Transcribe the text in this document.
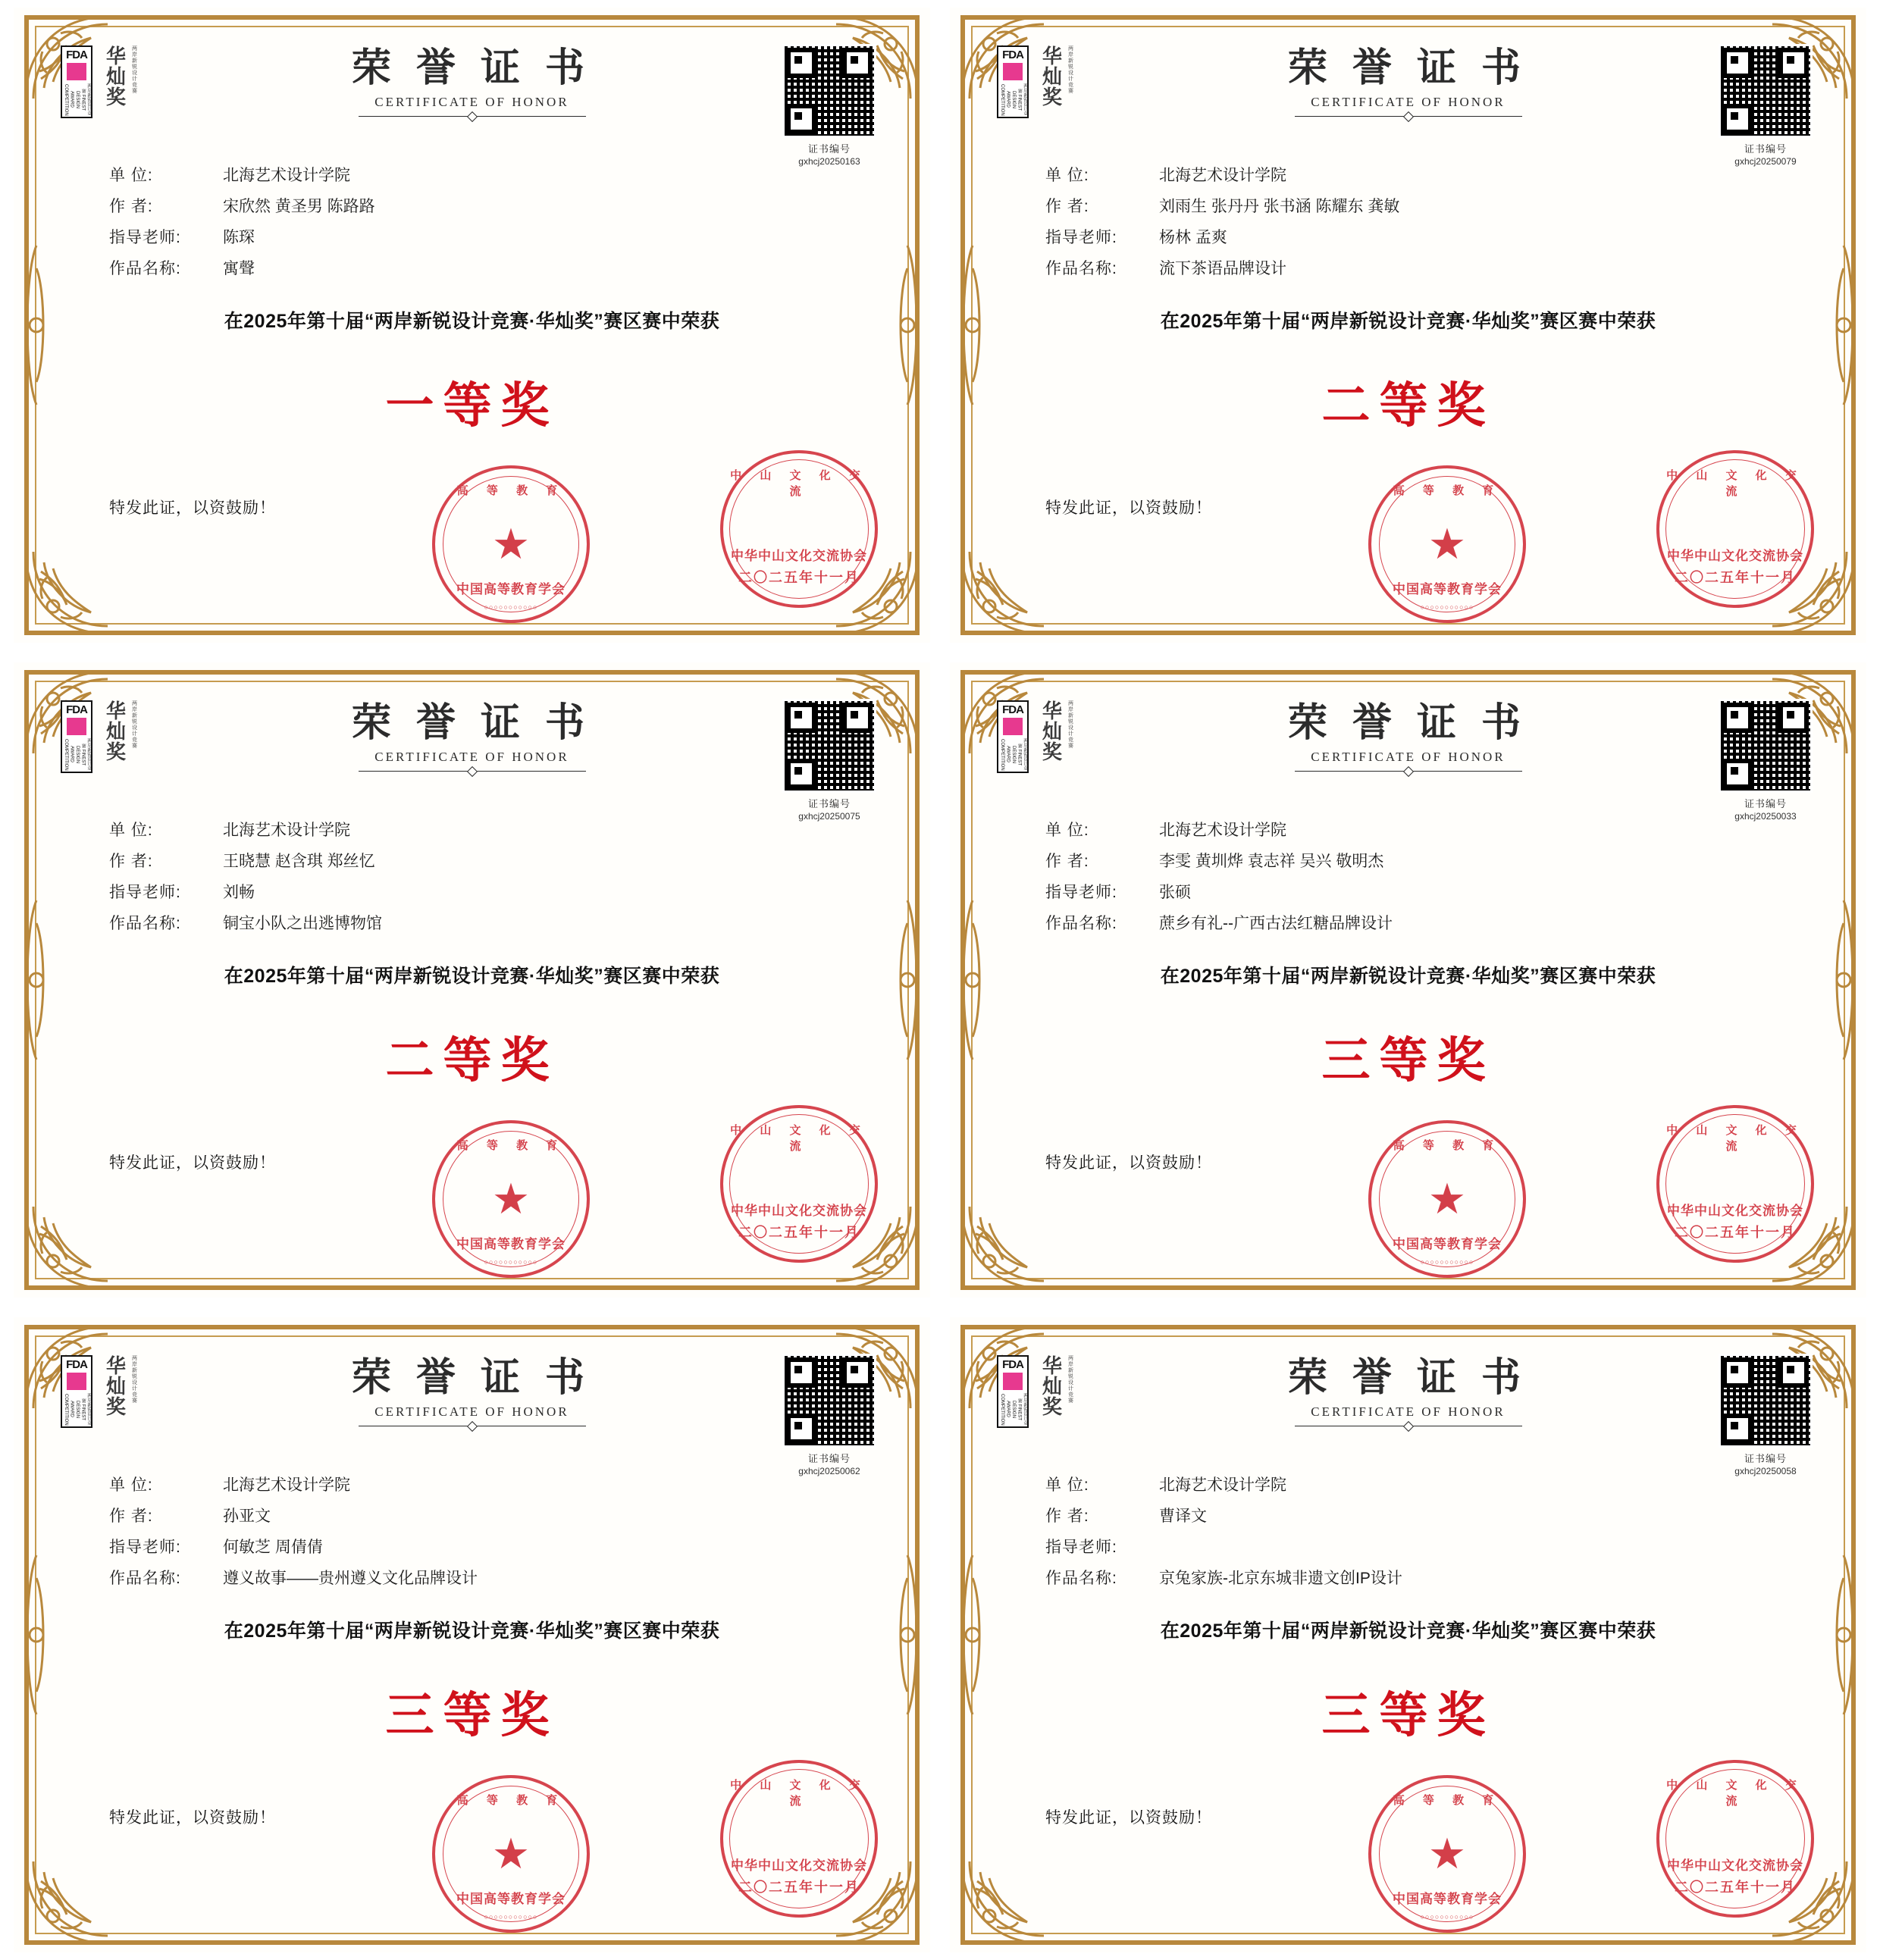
FDA
两岸新锐设计竞赛 FINEST DESIGN AWARD COMPETITION	华灿奖	两岸新锐设计竞赛	荣 誉 证 书
CERTIFICATE OF HONOR
证书编号
gxhcj20250163
单 位:	北海艺术设计学院
作 者:	宋欣然 黄圣男 陈路路
指导老师:	陈琛
作品名称:	寓聲
在2025年第十届“两岸新锐设计竞赛·华灿奖”赛区赛中荣获
一等奖
特发此证，以资鼓励！
高 等 教 育
★
中国高等教育学会
○○○○○○○○○○○
中 山 文 化 交 流
中华中山文化交流协会
二〇二五年十一月
FDA
两岸新锐设计竞赛 FINEST DESIGN AWARD COMPETITION	华灿奖	两岸新锐设计竞赛	荣 誉 证 书
CERTIFICATE OF HONOR
证书编号
gxhcj20250079
单 位:	北海艺术设计学院
作 者:	刘雨生 张丹丹 张书涵 陈耀东 龚敏
指导老师:	杨林 孟爽
作品名称:	流下茶语品牌设计
在2025年第十届“两岸新锐设计竞赛·华灿奖”赛区赛中荣获
二等奖
特发此证，以资鼓励！
高 等 教 育
★
中国高等教育学会
○○○○○○○○○○○
中 山 文 化 交 流
中华中山文化交流协会
二〇二五年十一月
FDA
两岸新锐设计竞赛 FINEST DESIGN AWARD COMPETITION	华灿奖	两岸新锐设计竞赛	荣 誉 证 书
CERTIFICATE OF HONOR
证书编号
gxhcj20250075
单 位:	北海艺术设计学院
作 者:	王晓慧 赵含琪 郑丝忆
指导老师:	刘畅
作品名称:	铜宝小队之出逃博物馆
在2025年第十届“两岸新锐设计竞赛·华灿奖”赛区赛中荣获
二等奖
特发此证，以资鼓励！
高 等 教 育
★
中国高等教育学会
○○○○○○○○○○○
中 山 文 化 交 流
中华中山文化交流协会
二〇二五年十一月
FDA
两岸新锐设计竞赛 FINEST DESIGN AWARD COMPETITION	华灿奖	两岸新锐设计竞赛	荣 誉 证 书
CERTIFICATE OF HONOR
证书编号
gxhcj20250033
单 位:	北海艺术设计学院
作 者:	李雯 黄圳烨 袁志祥 吴兴 敬明杰
指导老师:	张硕
作品名称:	蔗乡有礼--广西古法红糖品牌设计
在2025年第十届“两岸新锐设计竞赛·华灿奖”赛区赛中荣获
三等奖
特发此证，以资鼓励！
高 等 教 育
★
中国高等教育学会
○○○○○○○○○○○
中 山 文 化 交 流
中华中山文化交流协会
二〇二五年十一月
FDA
两岸新锐设计竞赛 FINEST DESIGN AWARD COMPETITION	华灿奖	两岸新锐设计竞赛	荣 誉 证 书
CERTIFICATE OF HONOR
证书编号
gxhcj20250062
单 位:	北海艺术设计学院
作 者:	孙亚文
指导老师:	何敏芝 周倩倩
作品名称:	遵义故事——贵州遵义文化品牌设计
在2025年第十届“两岸新锐设计竞赛·华灿奖”赛区赛中荣获
三等奖
特发此证，以资鼓励！
高 等 教 育
★
中国高等教育学会
○○○○○○○○○○○
中 山 文 化 交 流
中华中山文化交流协会
二〇二五年十一月
FDA
两岸新锐设计竞赛 FINEST DESIGN AWARD COMPETITION	华灿奖	两岸新锐设计竞赛	荣 誉 证 书
CERTIFICATE OF HONOR
证书编号
gxhcj20250058
单 位:	北海艺术设计学院
作 者:	曹译文
指导老师:
作品名称:	京兔家族-北京东城非遗文创IP设计
在2025年第十届“两岸新锐设计竞赛·华灿奖”赛区赛中荣获
三等奖
特发此证，以资鼓励！
高 等 教 育
★
中国高等教育学会
○○○○○○○○○○○
中 山 文 化 交 流
中华中山文化交流协会
二〇二五年十一月
